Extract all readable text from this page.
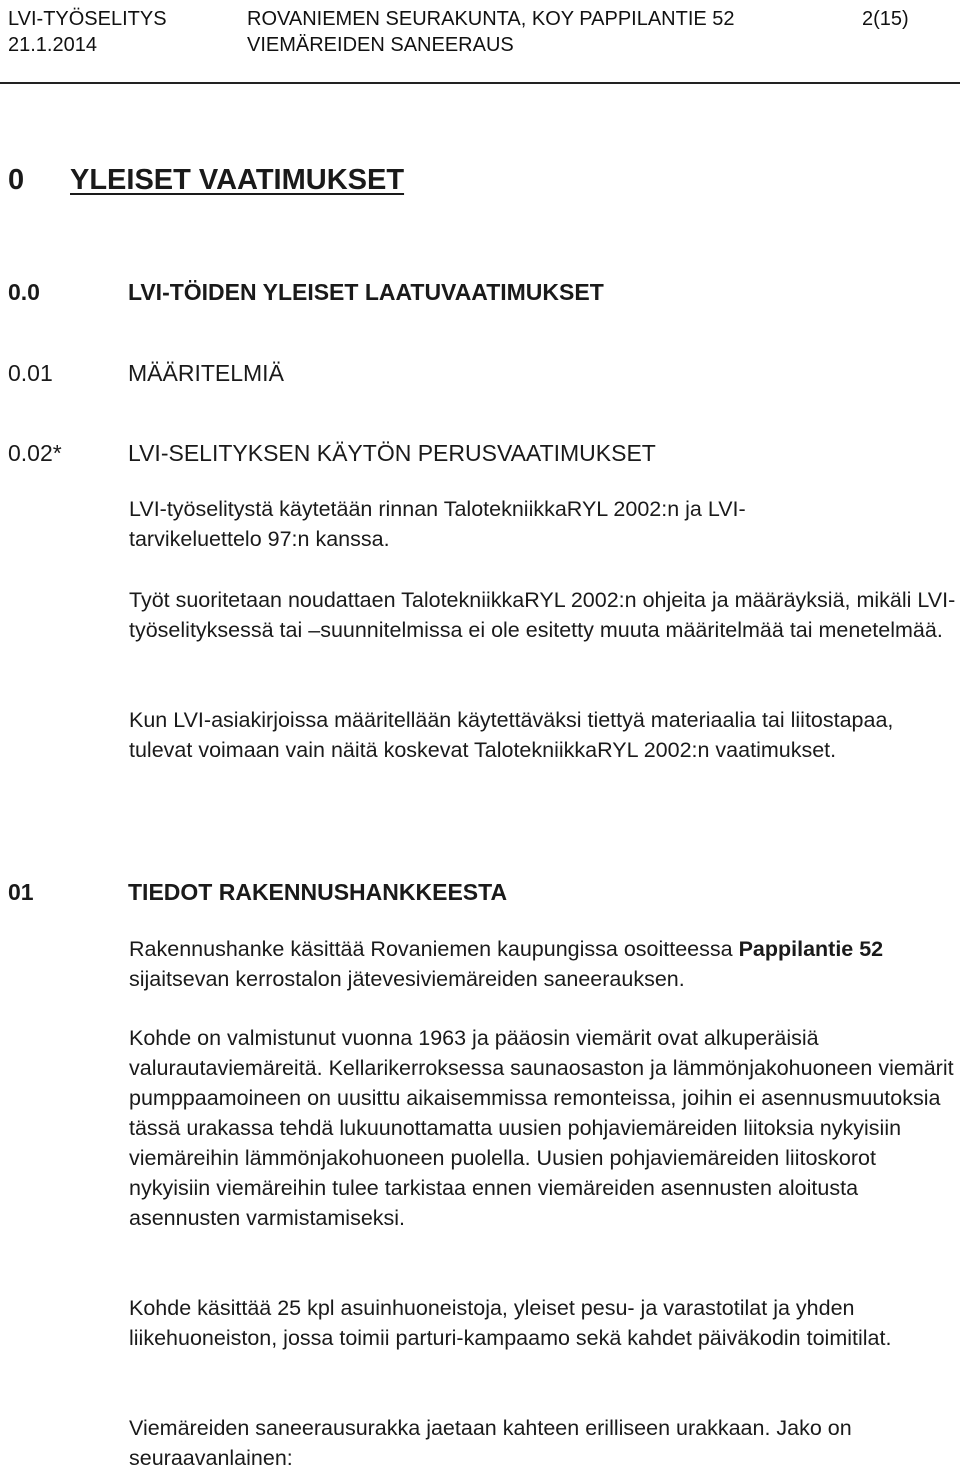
LVI-TYÖSELITYS
21.1.2014
ROVANIEMEN SEURAKUNTA, KOY PAPPILANTIE 52
VIEMÄREIDEN SANEERAUS
2(15)
0 YLEISET VAATIMUKSET
0.0	LVI-TÖIDEN YLEISET LAATUVAATIMUKSET
0.01	MÄÄRITELMIÄ
0.02*	LVI-SELITYKSEN KÄYTÖN PERUSVAATIMUKSET

LVI-työselitystä käytetään rinnan TalotekniikkaRYL 2002:n ja LVI-tarvikeluettelo 97:n kanssa.

Työt suoritetaan noudattaen TalotekniikkaRYL 2002:n ohjeita ja määräyksiä, mikäli LVI-työselityksessä tai –suunnitelmissa ei ole esitetty muuta määritelmää tai menetelmää.

Kun LVI-asiakirjoissa määritellään käytettäväksi tiettyä materiaalia tai liitostapaa, tulevat voimaan vain näitä koskevat TalotekniikkaRYL 2002:n vaatimukset.

01	TIEDOT RAKENNUSHANKKEESTA

Rakennushanke käsittää Rovaniemen kaupungissa osoitteessa Pappilantie 52 sijaitsevan kerrostalon jätevesiviemäreiden saneerauksen.

Kohde on valmistunut vuonna 1963 ja pääosin viemärit ovat alkuperäisiä valurautaviemäreitä. Kellarikerroksessa saunaosaston ja lämmönjakohuoneen viemärit pumppaamoineen on uusittu aikaisemmissa remonteissa, joihin ei asennusmuutoksia tässä urakassa tehdä lukuunottamatta uusien pohjaviemäreiden liitoksia nykyisiin viemäreihin lämmönjakohuoneen puolella. Uusien pohjaviemäreiden liitoskorot nykyisiin viemäreihin tulee tarkistaa ennen viemäreiden asennusten aloitusta asennusten varmistamiseksi.

Kohde käsittää 25 kpl asuinhuoneistoja, yleiset pesu- ja varastotilat ja yhden liikehuoneiston, jossa toimii parturi-kampaamo sekä kahdet päiväkodin toimitilat.

Viemäreiden saneerausurakka jaetaan kahteen erilliseen urakkaan. Jako on seuraavanlainen:
